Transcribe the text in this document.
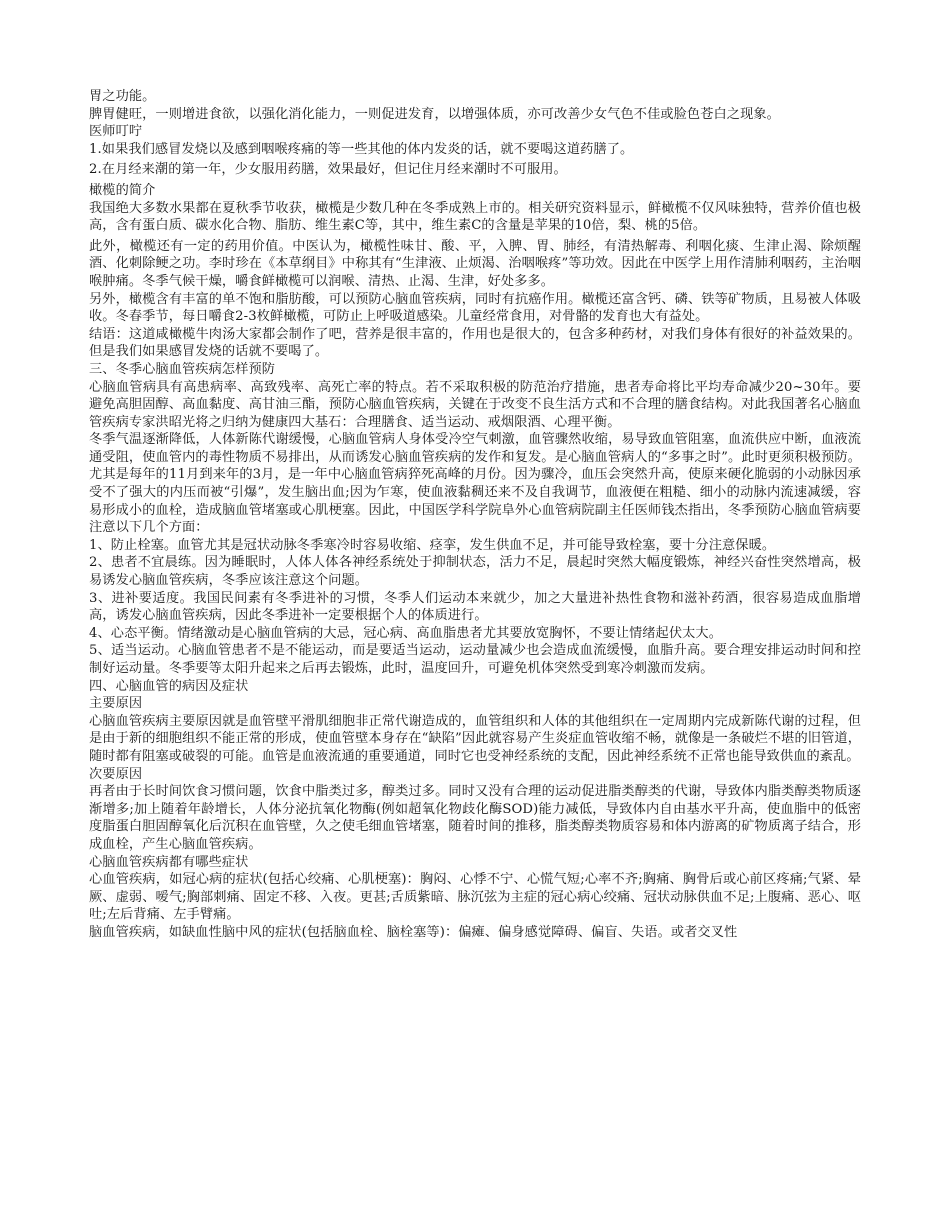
胃之功能。

脾胃健旺，一则增进食欲，以强化消化能力，一则促进发育，以增强体质，亦可改善少女气色不佳或脸色苍白之现象。

医师叮咛

1.如果我们感冒发烧以及感到咽喉疼痛的等一些其他的体内发炎的话，就不要喝这道药膳了。

2.在月经来潮的第一年，少女服用药膳，效果最好，但记住月经来潮时不可服用。

橄榄的简介

我国绝大多数水果都在夏秋季节收获，橄榄是少数几种在冬季成熟上市的。相关研究资料显示，鲜橄榄不仅风味独特，营养价值也极高，含有蛋白质、碳水化合物、脂肪、维生素C等，其中，维生素C的含量是苹果的10倍，梨、桃的5倍。

此外，橄榄还有一定的药用价值。中医认为，橄榄性味甘、酸、平，入脾、胃、肺经，有清热解毒、利咽化痰、生津止渴、除烦醒酒、化刺除鲠之功。李时珍在《本草纲目》中称其有“生津液、止烦渴、治咽喉疼”等功效。因此在中医学上用作清肺利咽药，主治咽喉肿痛。冬季气候干燥，嚼食鲜橄榄可以润喉、清热、止渴、生津，好处多多。

另外，橄榄含有丰富的单不饱和脂肪酸，可以预防心脑血管疾病，同时有抗癌作用。橄榄还富含钙、磷、铁等矿物质，且易被人体吸收。冬春季节，每日嚼食2-3枚鲜橄榄，可防止上呼吸道感染。儿童经常食用，对骨骼的发育也大有益处。

结语：这道咸橄榄牛肉汤大家都会制作了吧，营养是很丰富的，作用也是很大的，包含多种药材，对我们身体有很好的补益效果的。但是我们如果感冒发烧的话就不要喝了。

三、冬季心脑血管疾病怎样预防

心脑血管病具有高患病率、高致残率、高死亡率的特点。若不采取积极的防范治疗措施，患者寿命将比平均寿命减少20~30年。要避免高胆固醇、高血黏度、高甘油三酯，预防心脑血管疾病，关键在于改变不良生活方式和不合理的膳食结构。对此我国著名心脑血管疾病专家洪昭光将之归纳为健康四大基石：合理膳食、适当运动、戒烟限酒、心理平衡。

冬季气温逐渐降低，人体新陈代谢缓慢，心脑血管病人身体受冷空气刺激，血管骤然收缩，易导致血管阻塞，血流供应中断，血液流通受阻，使血管内的毒性物质不易排出，从而诱发心脑血管疾病的发作和复发。是心脑血管病人的“多事之时”。此时更须积极预防。尤其是每年的11月到来年的3月，是一年中心脑血管病猝死高峰的月份。因为骤冷，血压会突然升高，使原来硬化脆弱的小动脉因承受不了强大的内压而被“引爆”，发生脑出血;因为乍寒，使血液黏稠还来不及自我调节，血液便在粗糙、细小的动脉内流速减缓，容易形成小的血栓，造成脑血管堵塞或心肌梗塞。因此，中国医学科学院阜外心血管病院副主任医师钱杰指出，冬季预防心脑血管病要注意以下几个方面：

1、防止栓塞。血管尤其是冠状动脉冬季寒冷时容易收缩、痉挛，发生供血不足，并可能导致栓塞，要十分注意保暖。

2、患者不宜晨练。因为睡眠时，人体人体各神经系统处于抑制状态，活力不足，晨起时突然大幅度锻炼，神经兴奋性突然增高，极易诱发心脑血管疾病，冬季应该注意这个问题。

3、进补要适度。我国民间素有冬季进补的习惯，冬季人们运动本来就少，加之大量进补热性食物和滋补药酒，很容易造成血脂增高，诱发心脑血管疾病，因此冬季进补一定要根据个人的体质进行。

4、心态平衡。情绪激动是心脑血管病的大忌，冠心病、高血脂患者尤其要放宽胸怀，不要让情绪起伏太大。

5、适当运动。心脑血管患者不是不能运动，而是要适当运动，运动量减少也会造成血流缓慢，血脂升高。要合理安排运动时间和控制好运动量。冬季要等太阳升起来之后再去锻炼，此时，温度回升，可避免机体突然受到寒冷刺激而发病。

四、心脑血管的病因及症状

主要原因

心脑血管疾病主要原因就是血管壁平滑肌细胞非正常代谢造成的，血管组织和人体的其他组织在一定周期内完成新陈代谢的过程，但是由于新的细胞组织不能正常的形成，使血管壁本身存在“缺陷”因此就容易产生炎症血管收缩不畅，就像是一条破烂不堪的旧管道，随时都有阻塞或破裂的可能。血管是血液流通的重要通道，同时它也受神经系统的支配，因此神经系统不正常也能导致供血的紊乱。

次要原因

再者由于长时间饮食习惯问题，饮食中脂类过多，醇类过多。同时又没有合理的运动促进脂类醇类的代谢，导致体内脂类醇类物质逐渐增多;加上随着年龄增长，人体分泌抗氧化物酶(例如超氧化物歧化酶SOD)能力减低，导致体内自由基水平升高，使血脂中的低密度脂蛋白胆固醇氧化后沉积在血管壁，久之使毛细血管堵塞，随着时间的推移，脂类醇类物质容易和体内游离的矿物质离子结合，形成血栓，产生心脑血管疾病。

心脑血管疾病都有哪些症状

心血管疾病，如冠心病的症状(包括心绞痛、心肌梗塞)：胸闷、心悸不宁、心慌气短;心率不齐;胸痛、胸骨后或心前区疼痛;气紧、晕厥、虚弱、嗳气;胸部刺痛、固定不移、入夜。更甚;舌质紫暗、脉沉弦为主症的冠心病心绞痛、冠状动脉供血不足;上腹痛、恶心、呕吐;左后背痛、左手臂痛。

脑血管疾病，如缺血性脑中风的症状(包括脑血栓、脑栓塞等)：偏瘫、偏身感觉障碍、偏盲、失语。或者交叉性
